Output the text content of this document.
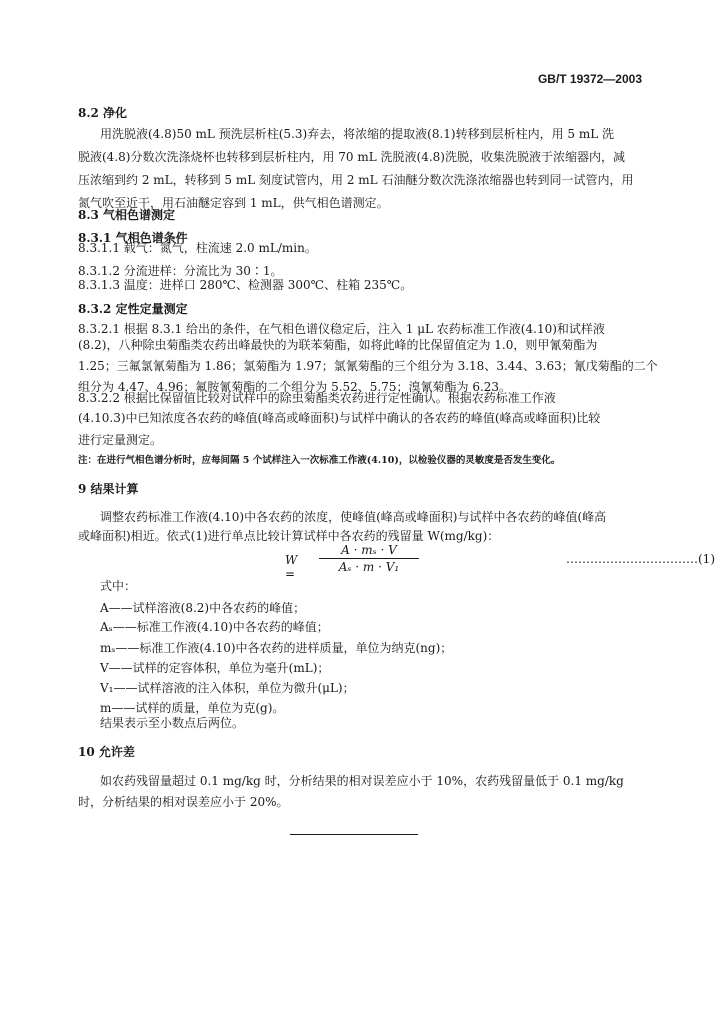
GB/T 19372—2003
8.2 净化
用洗脱液(4.8)50 mL 预洗层析柱(5.3)弃去，将浓缩的提取液(8.1)转移到层析柱内，用 5 mL 洗
脱液(4.8)分数次洗涤烧杯也转移到层析柱内，用 70 mL 洗脱液(4.8)洗脱，收集洗脱液于浓缩器内，减
压浓缩到约 2 mL，转移到 5 mL 刻度试管内，用 2 mL 石油醚分数次洗涤浓缩器也转到同一试管内，用
氮气吹至近干，用石油醚定容到 1 mL，供气相色谱测定。
8.3 气相色谱测定
8.3.1 气相色谱条件
8.3.1.1 载气：氮气，柱流速 2.0 mL/min。
8.3.1.2 分流进样：分流比为 30∶1。
8.3.1.3 温度：进样口 280℃、检测器 300℃、柱箱 235℃。
8.3.2 定性定量测定
8.3.2.1 根据 8.3.1 给出的条件，在气相色谱仪稳定后，注入 1 μL 农药标准工作液(4.10)和试样液
(8.2)，八种除虫菊酯类农药出峰最快的为联苯菊酯，如将此峰的比保留值定为 1.0，则甲氰菊酯为
1.25；三氟氯氰菊酯为 1.86；氯菊酯为 1.97；氯氰菊酯的三个组分为 3.18、3.44、3.63；氰戊菊酯的二个
组分为 4.47、4.96；氟胺氰菊酯的二个组分为 5.52、5.75；溴氰菊酯为 6.23。
8.3.2.2 根据比保留值比较对试样中的除虫菊酯类农药进行定性确认。根据农药标准工作液
(4.10.3)中已知浓度各农药的峰值(峰高或峰面积)与试样中确认的各农药的峰值(峰高或峰面积)比较
进行定量测定。
注：在进行气相色谱分析时，应每间隔 5 个试样注入一次标准工作液(4.10)，以检验仪器的灵敏度是否发生变化。
9 结果计算
调整农药标准工作液(4.10)中各农药的浓度，使峰值(峰高或峰面积)与试样中各农药的峰值(峰高
或峰面积)相近。依式(1)进行单点比较计算试样中各农药的残留量 W(mg/kg)：
$W = \frac{\text{A · mₛ · V}}{\text{Aₛ · m · V₁}}$	……………………………(1)
式中：
A——试样溶液(8.2)中各农药的峰值；
Aₛ——标准工作液(4.10)中各农药的峰值；
mₛ——标准工作液(4.10)中各农药的进样质量，单位为纳克(ng)；
V——试样的定容体积，单位为毫升(mL)；
V₁——试样溶液的注入体积，单位为微升(μL)；
m——试样的质量，单位为克(g)。
结果表示至小数点后两位。
10 允许差
如农药残留量超过 0.1 mg/kg 时，分析结果的相对误差应小于 10%，农药残留量低于 0.1 mg/kg
时，分析结果的相对误差应小于 20%。
